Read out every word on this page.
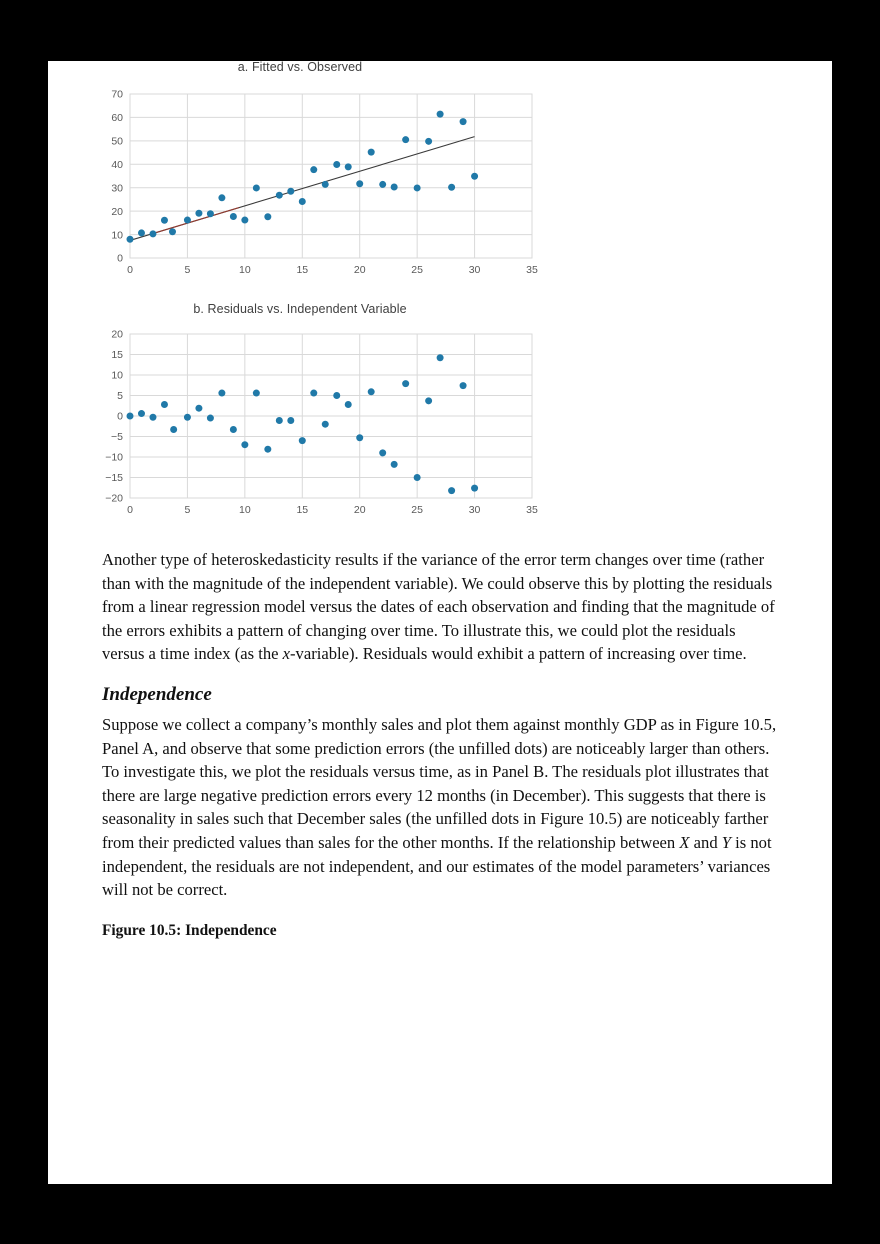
a. Fitted vs. Observed
70
60
50
40
30
20
10
0
0	5	10	15	20	25	30	35
b. Residuals vs. Independent Variable
20
15
10
5
0
−5
−10
−15
−20
0	5	10	15	20	25	30	35

Another type of heteroskedasticity results if the variance of the error term changes over time (rather than with the magnitude of the independent variable). We could observe this by plotting the residuals from a linear regression model versus the dates of each observation and finding that the magnitude of the errors exhibits a pattern of changing over time. To illustrate this, we could plot the residuals versus a time index (as the x-variable). Residuals would exhibit a pattern of increasing over time.

Independence

Suppose we collect a company’s monthly sales and plot them against monthly GDP as in Figure 10.5, Panel A, and observe that some prediction errors (the unfilled dots) are noticeably larger than others. To investigate this, we plot the residuals versus time, as in Panel B. The residuals plot illustrates that there are large negative prediction errors every 12 months (in December). This suggests that there is seasonality in sales such that December sales (the unfilled dots in Figure 10.5) are noticeably farther from their predicted values than sales for the other months. If the relationship between X and Y is not independent, the residuals are not independent, and our estimates of the model parameters’ variances will not be correct.

Figure 10.5: Independence
